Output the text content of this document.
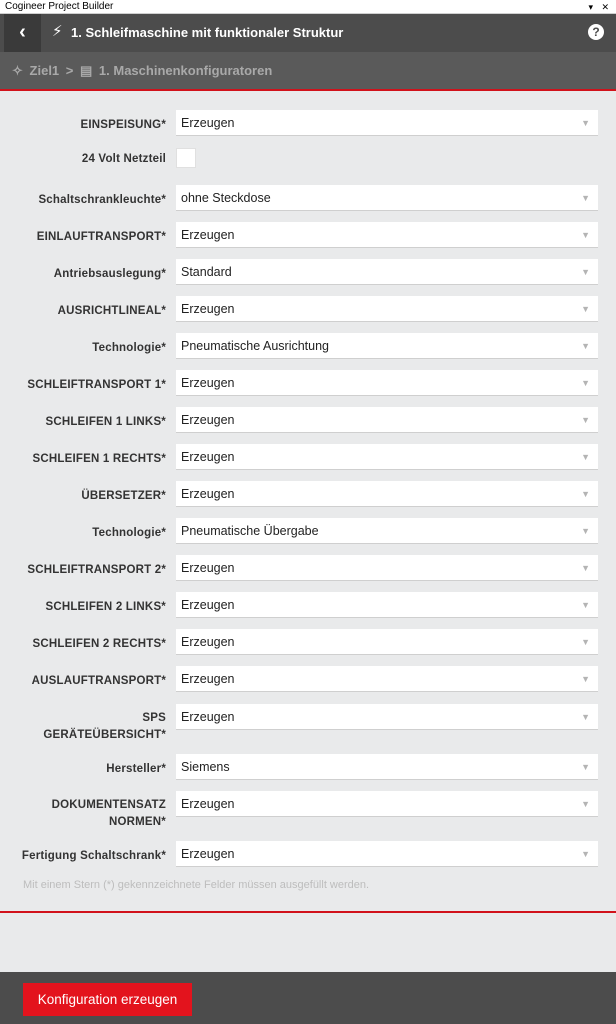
Cogineer Project Builder	▾ ✕
‹	⚡︎ 1. Schleifmaschine mit funktionaler Struktur	?
✧ Ziel1 > ▤ 1. Maschinenkonfiguratoren
EINSPEISUNG*	Erzeugen	▼
24 Volt Netzteil
Schaltschrankleuchte*	ohne Steckdose	▼
EINLAUFTRANSPORT*	Erzeugen	▼
Antriebsauslegung*	Standard	▼
AUSRICHTLINEAL*	Erzeugen	▼
Technologie*	Pneumatische Ausrichtung	▼
SCHLEIFTRANSPORT 1*	Erzeugen	▼
SCHLEIFEN 1 LINKS*	Erzeugen	▼
SCHLEIFEN 1 RECHTS*	Erzeugen	▼
ÜBERSETZER*	Erzeugen	▼
Technologie*	Pneumatische Übergabe	▼
SCHLEIFTRANSPORT 2*	Erzeugen	▼
SCHLEIFEN 2 LINKS*	Erzeugen	▼
SCHLEIFEN 2 RECHTS*	Erzeugen	▼
AUSLAUFTRANSPORT*	Erzeugen	▼
SPS
GERÄTEÜBERSICHT*
Erzeugen	▼
Hersteller*	Siemens	▼
DOKUMENTENSATZ
NORMEN*
Erzeugen	▼
Fertigung Schaltschrank*	Erzeugen	▼
Mit einem Stern (*) gekennzeichnete Felder müssen ausgefüllt werden.
Konfiguration erzeugen
